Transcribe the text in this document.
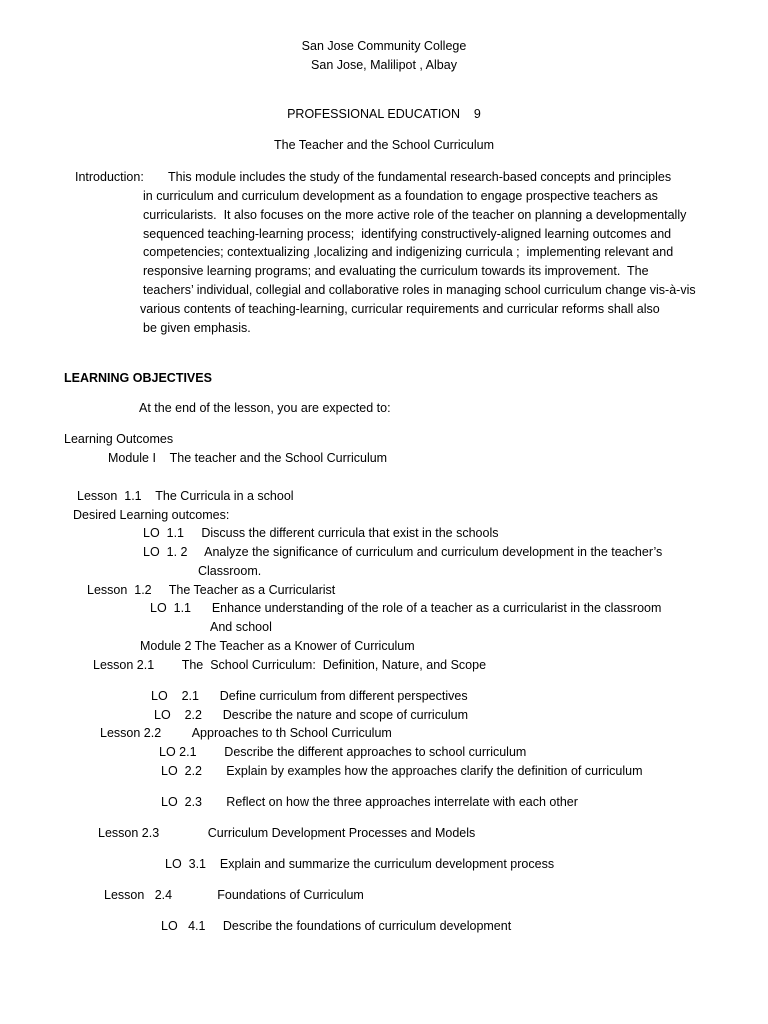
San Jose Community College
San Jose, Malilipot , Albay
PROFESSIONAL EDUCATION    9
The Teacher and the School Curriculum
Introduction: This module includes the study of the fundamental research-based concepts and principles
in curriculum and curriculum development as a foundation to engage prospective teachers as
curricularists.  It also focuses on the more active role of the teacher on planning a developmentally
sequenced teaching-learning process;  identifying constructively-aligned learning outcomes and
competencies; contextualizing ,localizing and indigenizing curricula ;  implementing relevant and
responsive learning programs; and evaluating the curriculum towards its improvement.  The
teachers’ individual, collegial and collaborative roles in managing school curriculum change vis-à-vis
various contents of teaching-learning, curricular requirements and curricular reforms shall also
be given emphasis.
LEARNING OBJECTIVES
At the end of the lesson, you are expected to:
Learning Outcomes
Module I    The teacher and the School Curriculum
Lesson  1.1    The Curricula in a school
Desired Learning outcomes:
LO  1.1     Discuss the different curricula that exist in the schools
LO  1. 2     Analyze the significance of curriculum and curriculum development in the teacher’s
Classroom.
Lesson  1.2     The Teacher as a Curricularist
LO  1.1      Enhance understanding of the role of a teacher as a curricularist in the classroom
And school
Module 2 The Teacher as a Knower of Curriculum
Lesson 2.1        The  School Curriculum:  Definition, Nature, and Scope
LO    2.1      Define curriculum from different perspectives
LO    2.2      Describe the nature and scope of curriculum
Lesson 2.2         Approaches to th School Curriculum
LO 2.1        Describe the different approaches to school curriculum
LO  2.2       Explain by examples how the approaches clarify the definition of curriculum
LO  2.3       Reflect on how the three approaches interrelate with each other
Lesson 2.3              Curriculum Development Processes and Models
LO  3.1    Explain and summarize the curriculum development process
Lesson   2.4             Foundations of Curriculum
LO   4.1     Describe the foundations of curriculum development
